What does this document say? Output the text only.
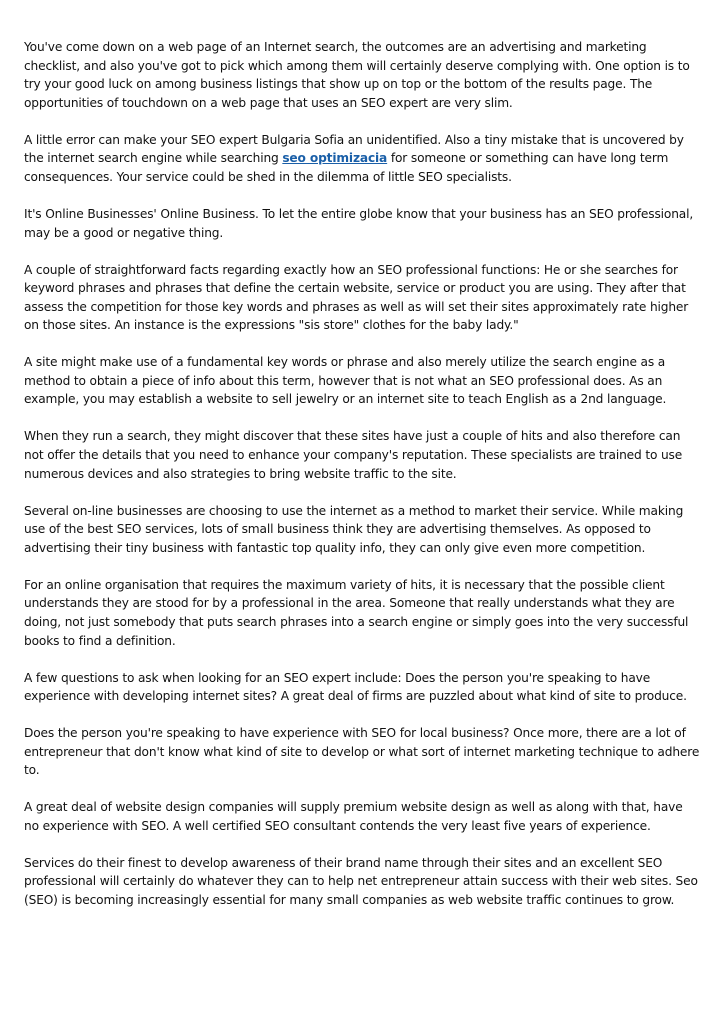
You've come down on a web page of an Internet search, the outcomes are an advertising and marketing checklist, and also you've got to pick which among them will certainly deserve complying with. One option is to try your good luck on among business listings that show up on top or the bottom of the results page. The opportunities of touchdown on a web page that uses an SEO expert are very slim.

A little error can make your SEO expert Bulgaria Sofia an unidentified. Also a tiny mistake that is uncovered by the internet search engine while searching seo optimizacia for someone or something can have long term consequences. Your service could be shed in the dilemma of little SEO specialists.

It's Online Businesses' Online Business. To let the entire globe know that your business has an SEO professional, may be a good or negative thing.

A couple of straightforward facts regarding exactly how an SEO professional functions: He or she searches for keyword phrases and phrases that define the certain website, service or product you are using. They after that assess the competition for those key words and phrases as well as will set their sites approximately rate higher on those sites. An instance is the expressions "sis store" clothes for the baby lady."

A site might make use of a fundamental key words or phrase and also merely utilize the search engine as a method to obtain a piece of info about this term, however that is not what an SEO professional does. As an example, you may establish a website to sell jewelry or an internet site to teach English as a 2nd language.

When they run a search, they might discover that these sites have just a couple of hits and also therefore can not offer the details that you need to enhance your company's reputation. These specialists are trained to use numerous devices and also strategies to bring website traffic to the site.

Several on-line businesses are choosing to use the internet as a method to market their service. While making use of the best SEO services, lots of small business think they are advertising themselves. As opposed to advertising their tiny business with fantastic top quality info, they can only give even more competition.

For an online organisation that requires the maximum variety of hits, it is necessary that the possible client understands they are stood for by a professional in the area. Someone that really understands what they are doing, not just somebody that puts search phrases into a search engine or simply goes into the very successful books to find a definition.

A few questions to ask when looking for an SEO expert include: Does the person you're speaking to have experience with developing internet sites? A great deal of firms are puzzled about what kind of site to produce.

Does the person you're speaking to have experience with SEO for local business? Once more, there are a lot of entrepreneur that don't know what kind of site to develop or what sort of internet marketing technique to adhere to.

A great deal of website design companies will supply premium website design as well as along with that, have no experience with SEO. A well certified SEO consultant contends the very least five years of experience.

Services do their finest to develop awareness of their brand name through their sites and an excellent SEO professional will certainly do whatever they can to help net entrepreneur attain success with their web sites. Seo (SEO) is becoming increasingly essential for many small companies as web website traffic continues to grow.
